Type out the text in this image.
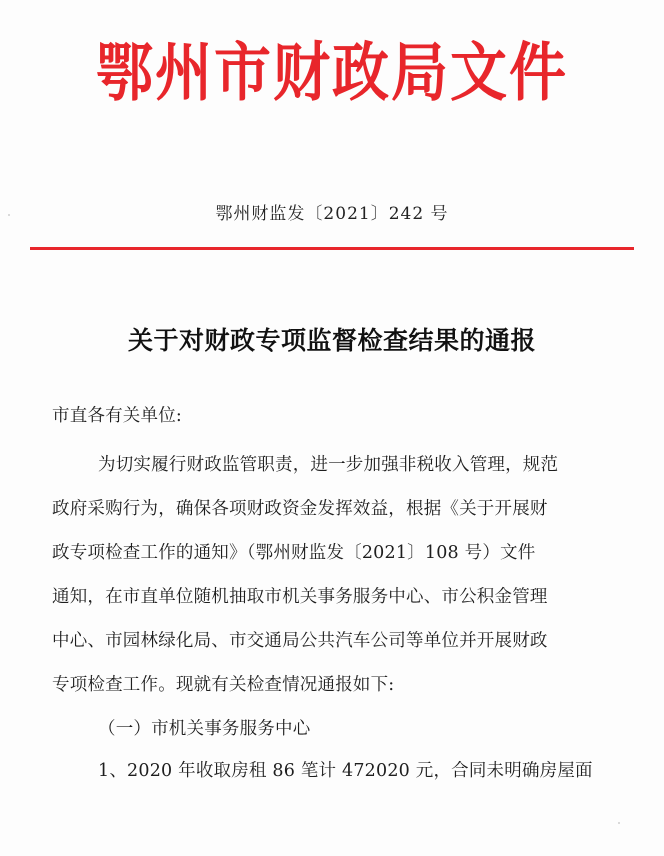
鄂州市财政局文件
鄂州财监发〔2021〕242 号
关于对财政专项监督检查结果的通报
市直各有关单位:
为切实履行财政监管职责，进一步加强非税收入管理，规范
政府采购行为，确保各项财政资金发挥效益，根据《关于开展财
政专项检查工作的通知》（鄂州财监发〔2021〕108 号）文件
通知，在市直单位随机抽取市机关事务服务中心、市公积金管理
中心、市园林绿化局、市交通局公共汽车公司等单位并开展财政
专项检查工作。现就有关检查情况通报如下:
（一）市机关事务服务中心
1、2020 年收取房租 86 笔计 472020 元，合同未明确房屋面
